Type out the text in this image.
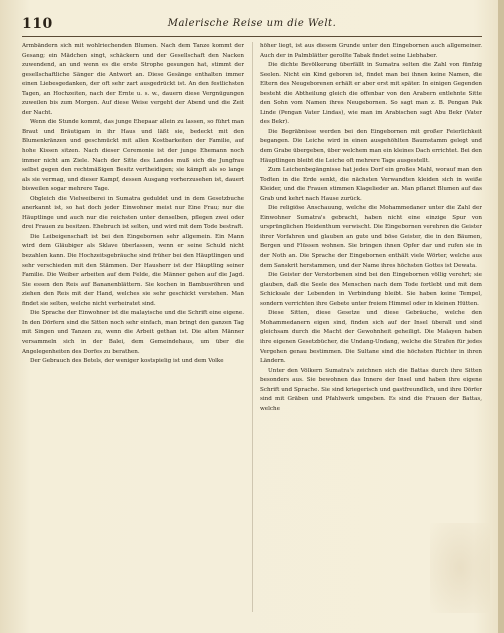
110	Malerische Reise um die Welt.

Armbändern sich mit wohlriechenden Blumen. Nach dem Tanze kommt der Gesang; ein Mädchen singt, schäckern und der Gesellschaft den Nacken zuwendend, an und wenn es die erste Strophe gesungen hat, stimmt der gesellschaftliche Sänger die Antwort an. Diese Gesänge enthalten immer einen Liebesgedanken, der oft sehr zart ausgedrückt ist. An den festlichsten Tagen, an Hochzeiten, nach der Ernte u. s. w., dauern diese Vergnügungen zuweilen bis zum Morgen. Auf diese Weise vergeht der Abend und die Zeit der Nacht.

Wenn die Stunde kommt, das junge Ehepaar allein zu lassen, so führt man Braut und Bräutigam in ihr Haus und läßt sie, bedeckt mit den Blumenkränzen und geschmückt mit allen Kostbarkeiten der Familie, auf hohe Kissen sitzen. Nach dieser Ceremonie ist der junge Ehemann noch immer nicht am Ziele. Nach der Sitte des Landes muß sich die Jungfrau selbst gegen den rechtmäßigen Besitz vertheidigen; sie kämpft als so lange als sie vermag, und dieser Kampf, dessen Ausgang vorherzusehen ist, dauert bisweilen sogar mehrere Tage.

Obgleich die Vielweiberei in Sumatra geduldet und in dem Gesetzbuche anerkannt ist, so hat doch jeder Einwohner meist nur Eine Frau; nur die Häuptlinge und auch nur die reichsten unter denselben, pflegen zwei oder drei Frauen zu besitzen. Ehebruch ist selten, und wird mit dem Tode bestraft.

Die Leibeigenschaft ist bei den Eingebornen sehr allgemein. Ein Mann wird dem Gläubiger als Sklave überlassen, wenn er seine Schuld nicht bezahlen kann. Die Hochzeitsgebräuche sind früher bei den Häuptlingen und sehr verschieden mit den Stämmen. Der Hausherr ist der Häuptling seiner Familie. Die Weiber arbeiten auf dem Felde, die Männer gehen auf die Jagd. Sie essen den Reis auf Bananenblättern. Sie kochen in Bambusröhren und ziehen den Reis mit der Hand, welches sie sehr geschickt verstehen. Man findet sie selten, welche nicht verheiratet sind.

Die Sprache der Einwohner ist die malayische und die Schrift eine eigene. In den Dörfern sind die Sitten noch sehr einfach, man bringt den ganzen Tag mit Singen und Tanzen zu, wenn die Arbeit gethan ist. Die alten Männer versammeln sich in der Balei, dem Gemeindehaus, um über die Angelegenheiten des Dorfes zu berathen.

Der Gebrauch des Betels, der weniger kostspielig ist und dem Volke

höher liegt, ist aus diesem Grunde unter den Eingebornen auch allgemeiner. Auch der in Palmblätter gerollte Tabak findet seine Liebhaber.

Die dichte Bevölkerung überfällt in Sumatra selten die Zahl von fünfzig Seelen. Nicht ein Kind geboren ist, findet man bei ihnen keine Namen, die Eltern des Neugeborenen erhält er aber erst mit später. In einigen Gegenden besteht die Abtheilung gleich die offenbar von den Arabern entlehnte Sitte den Sohn vom Namen ihres Neugebornen. So sagt man z. B. Pengan Pak Linde (Pengan Vater Lindas), wie man im Arabischen sagt Abu Bekr (Vater des Bekr).

Die Begräbnisse werden bei den Eingebornen mit großer Feierlichkeit begangen. Die Leiche wird in einen ausgehöhlten Baumstamm gelegt und dem Grabe übergeben, über welchem man ein kleines Dach errichtet. Bei den Häuptlingen bleibt die Leiche oft mehrere Tage ausgestellt.

Zum Leichenbegängnisse hat jedes Dorf ein großes Mahl, worauf man den Todten in die Erde senkt, die nächsten Verwandten kleiden sich in weiße Kleider, und die Frauen stimmen Klagelieder an. Man pflanzt Blumen auf das Grab und kehrt nach Hause zurück.

Die religiöse Anschauung, welche die Mohammedaner unter die Zahl der Einwohner Sumatra's gebracht, haben nicht eine einzige Spur von ursprünglichen Heidenthum verwischt. Die Eingebornen verehren die Geister ihrer Vorfahren und glauben an gute und böse Geister, die in den Bäumen, Bergen und Flüssen wohnen. Sie bringen ihnen Opfer dar und rufen sie in der Noth an. Die Sprache der Eingebornen enthält viele Wörter, welche aus dem Sanskrit herstammen, und der Name ihres höchsten Gottes ist Dewata.

Die Geister der Verstorbenen sind bei den Eingebornen völlig verehrt; sie glauben, daß die Seele des Menschen nach dem Tode fortlebt und mit dem Schicksale der Lebenden in Verbindung bleibt. Sie haben keine Tempel, sondern verrichten ihre Gebete unter freiem Himmel oder in kleinen Hütten.

Diese Sitten, diese Gesetze und diese Gebräuche, welche den Mohammedanern eigen sind, finden sich auf der Insel überall und sind gleichsam durch die Macht der Gewohnheit geheiligt. Die Malayen haben ihre eigenen Gesetzbücher, die Undang-Undang, welche die Strafen für jedes Vergehen genau bestimmen. Die Sultane sind die höchsten Richter in ihren Ländern.

Unter den Völkern Sumatra's zeichnen sich die Battas durch ihre Sitten besonders aus. Sie bewohnen das Innere der Insel und haben ihre eigene Schrift und Sprache. Sie sind kriegerisch und gastfreundlich, und ihre Dörfer sind mit Gräben und Pfahlwerk umgeben. Es sind die Frauen der Battas, welche
